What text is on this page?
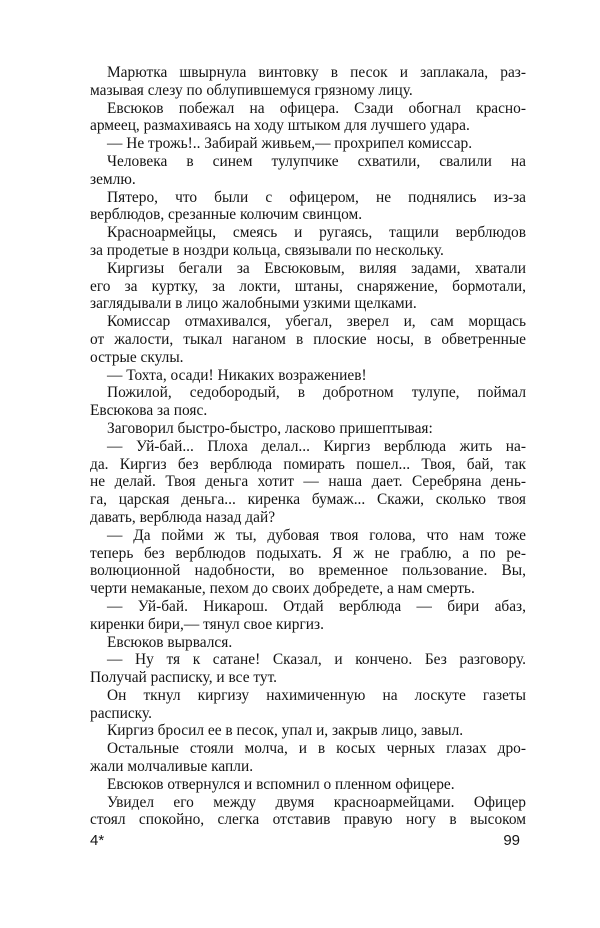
Марютка швырнула винтовку в песок и заплакала, раз-
мазывая слезу по облупившемуся грязному лицу.
Евсюков побежал на офицера. Сзади обогнал красно-
армеец, размахиваясь на ходу штыком для лучшего удара.
— Не трожь!.. Забирай живьем,— прохрипел комиссар.
Человека в синем тулупчике схватили, свалили на
землю.
Пятеро, что были с офицером, не поднялись из-за
верблюдов, срезанные колючим свинцом.
Красноармейцы, смеясь и ругаясь, тащили верблюдов
за продетые в ноздри кольца, связывали по нескольку.
Киргизы бегали за Евсюковым, виляя задами, хватали
его за куртку, за локти, штаны, снаряжение, бормотали,
заглядывали в лицо жалобными узкими щелками.
Комиссар отмахивался, убегал, зверел и, сам морщась
от жалости, тыкал наганом в плоские носы, в обветренные
острые скулы.
— Тохта, осади! Никаких возражениев!
Пожилой, седобородый, в добротном тулупе, поймал
Евсюкова за пояс.
Заговорил быстро-быстро, ласково пришептывая:
— Уй-бай... Плоха делал... Киргиз верблюда жить на-
да. Киргиз без верблюда помирать пошел... Твоя, бай, так
не делай. Твоя деньга хотит — наша дает. Серебряна день-
га, царская деньга... киренка бумаж... Скажи, сколько твоя
давать, верблюда назад дай?
— Да пойми ж ты, дубовая твоя голова, что нам тоже
теперь без верблюдов подыхать. Я ж не граблю, а по ре-
волюционной надобности, во временное пользование. Вы,
черти немаканые, пехом до своих добредете, а нам смерть.
— Уй-бай. Никарош. Отдай верблюда — бири абаз,
киренки бири,— тянул свое киргиз.
Евсюков вырвался.
— Ну тя к сатане! Сказал, и кончено. Без разговору.
Получай расписку, и все тут.
Он ткнул киргизу нахимиченную на лоскуте газеты
расписку.
Киргиз бросил ее в песок, упал и, закрыв лицо, завыл.
Остальные стояли молча, и в косых черных глазах дро-
жали молчаливые капли.
Евсюков отвернулся и вспомнил о пленном офицере.
Увидел его между двумя красноармейцами. Офицер
стоял спокойно, слегка отставив правую ногу в высоком
4*	99
